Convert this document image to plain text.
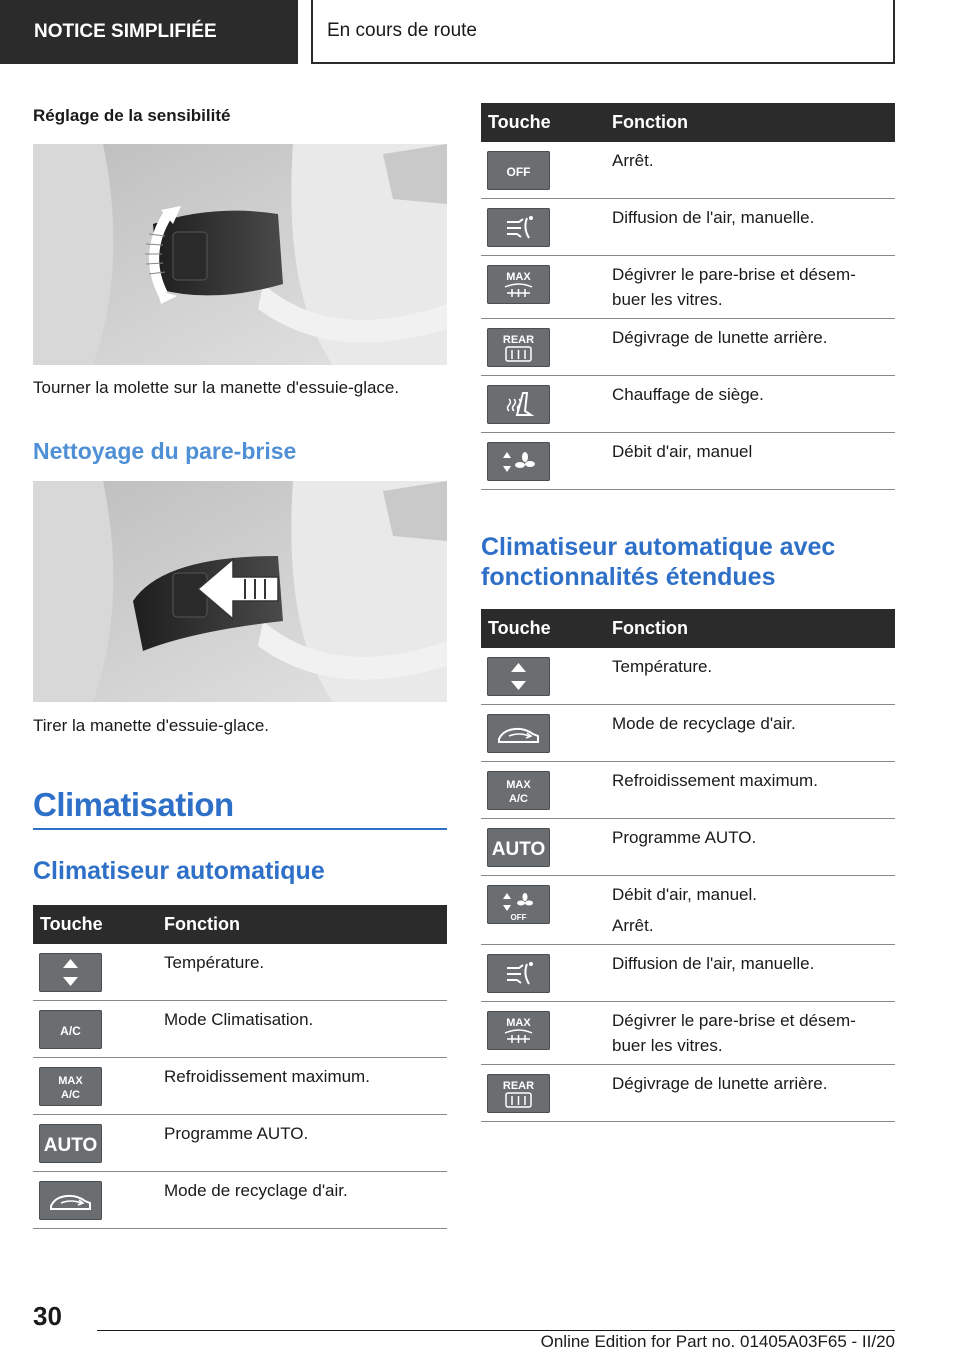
NOTICE SIMPLIFIÉE	En cours de route
Réglage de la sensibilité
Tourner la molette sur la manette d'essuie-glace.
Nettoyage du pare-brise
Tirer la manette d'essuie-glace.
Climatisation
Climatiseur automatique
Touche	Fonction

Température.

A/C	Mode Climatisation.

MAX
A/C	Refroidissement maximum.

AUTO	Programme AUTO.

Mode de recyclage d'air.

Touche	Fonction

OFF	Arrêt.

Diffusion de l'air, manuelle.

MAX	Dégivrer le pare-brise et désem-buer les vitres.

REAR	Dégivrage de lunette arrière.

Chauffage de siège.

Débit d'air, manuel

Climatiseur automatique avec fonctionnalités étendues
Touche	Fonction

Température.

Mode de recyclage d'air.

MAX
A/C	Refroidissement maximum.

AUTO	Programme AUTO.

OFF	Débit d'air, manuel.

Arrêt.

Diffusion de l'air, manuelle.

MAX	Dégivrer le pare-brise et désem-buer les vitres.

REAR	Dégivrage de lunette arrière.

30
Online Edition for Part no. 01405A03F65 - II/20
